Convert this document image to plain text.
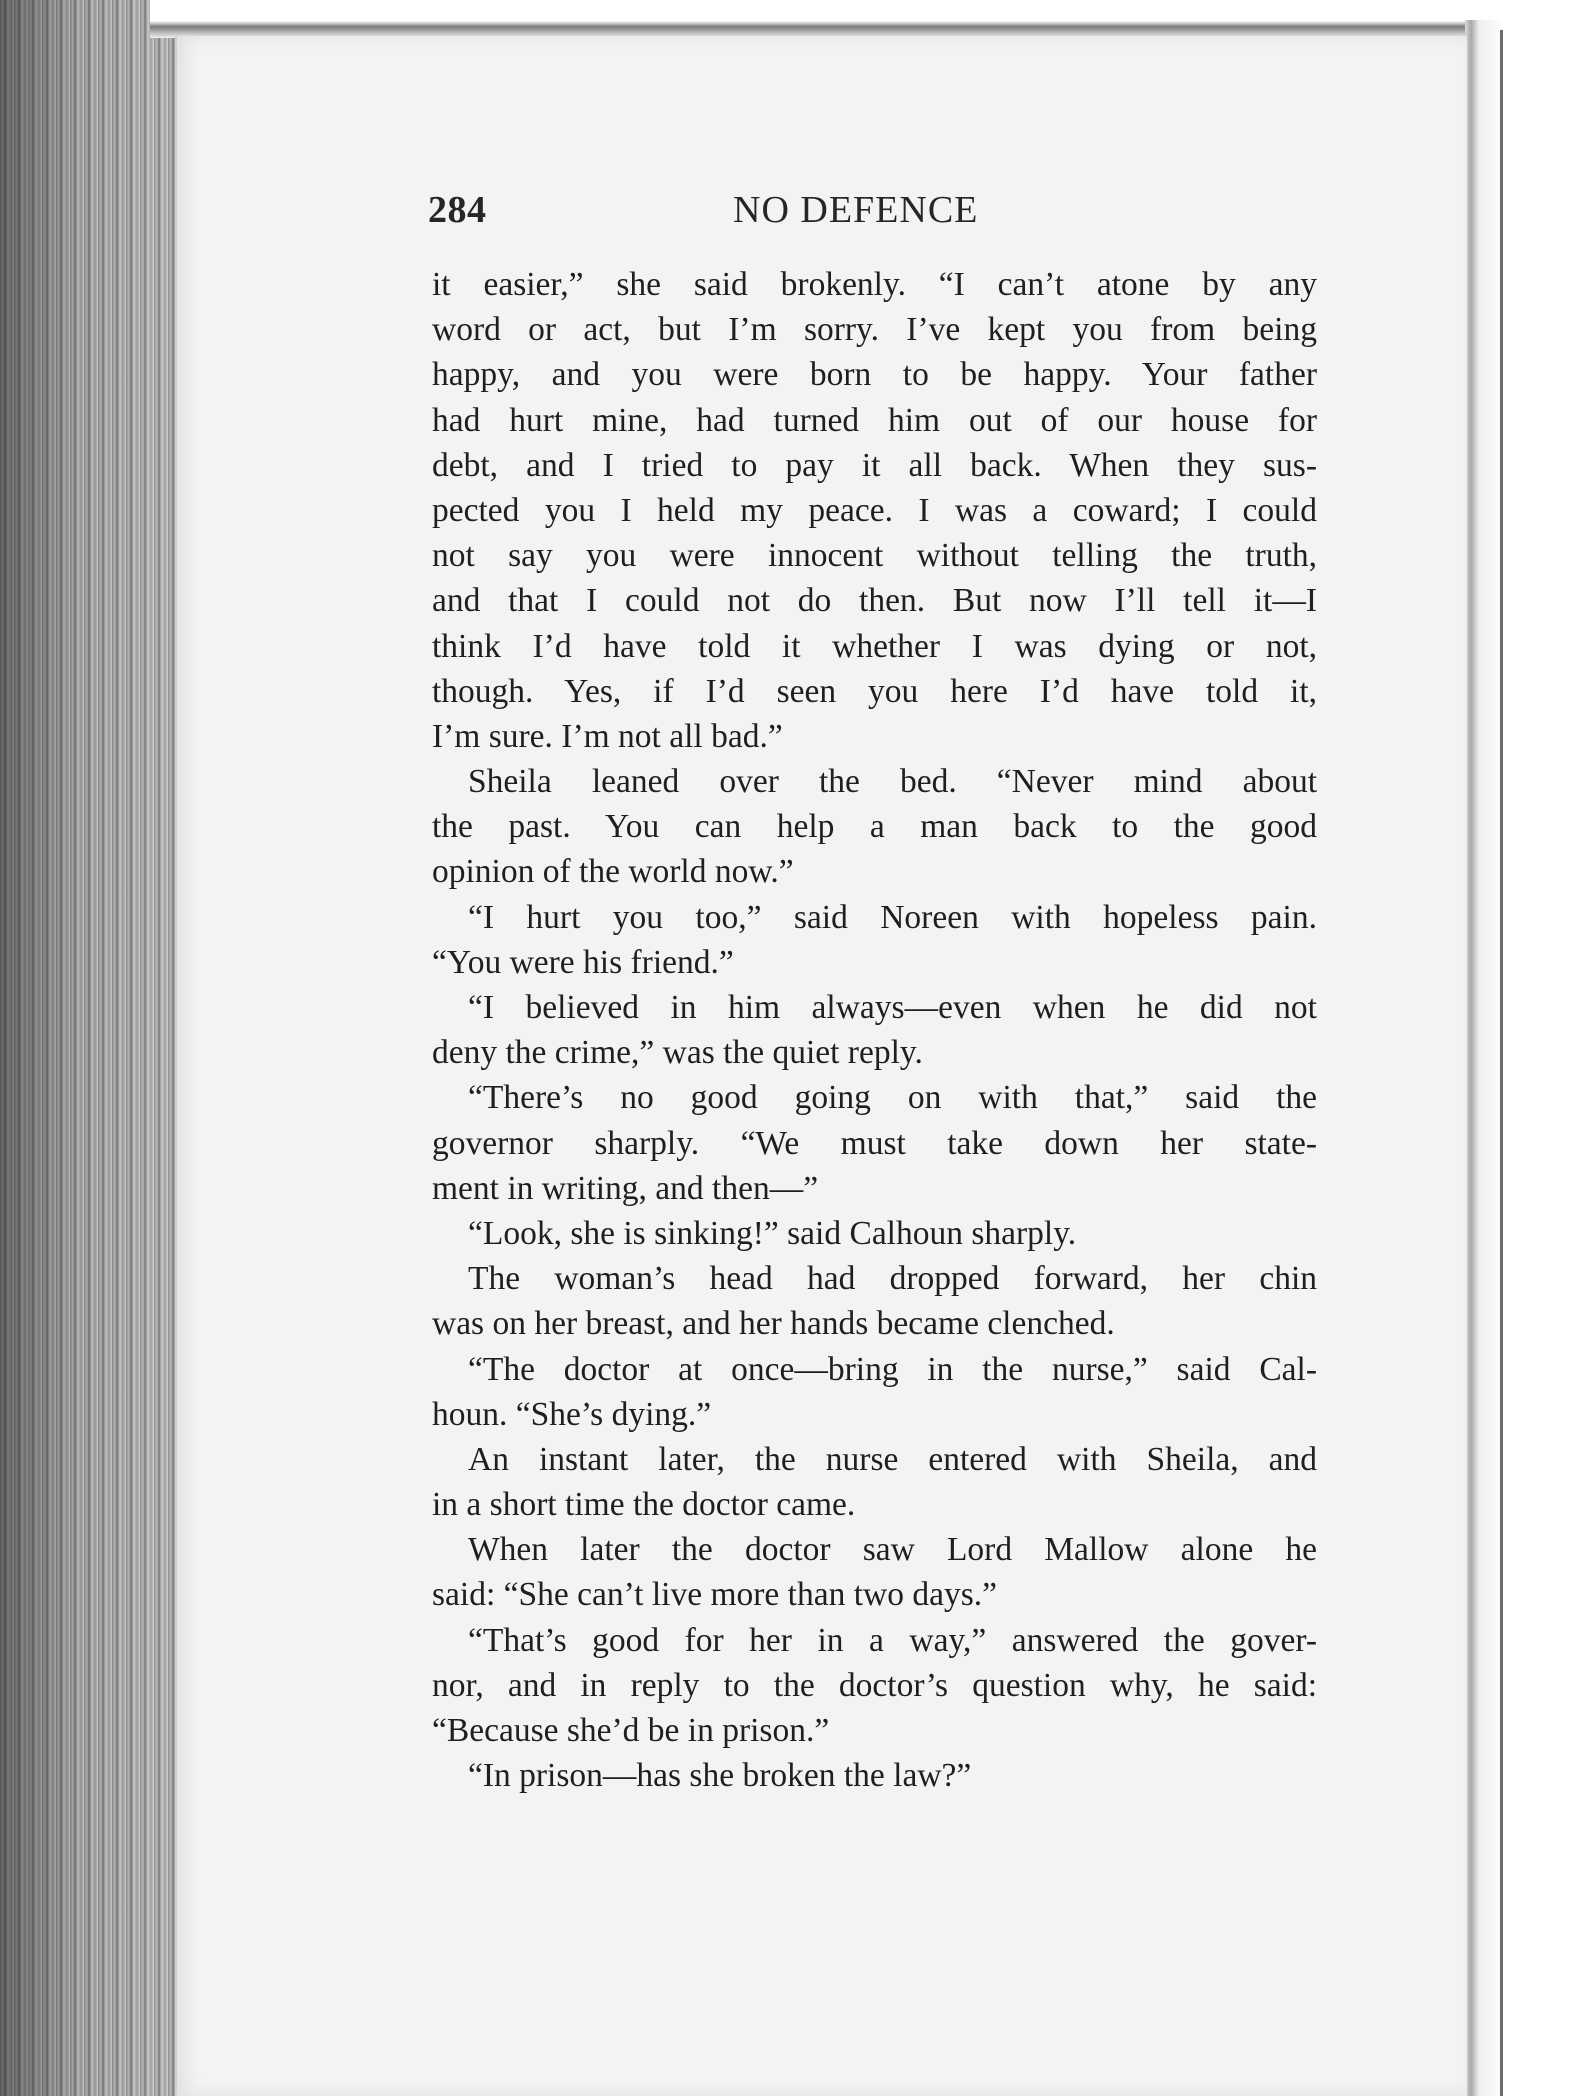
284	NO DEFENCE
it easier,” she said brokenly. “I can’t atone by any
word or act, but I’m sorry. I’ve kept you from being
happy, and you were born to be happy. Your father
had hurt mine, had turned him out of our house for
debt, and I tried to pay it all back. When they sus-
pected you I held my peace. I was a coward; I could
not say you were innocent without telling the truth,
and that I could not do then. But now I’ll tell it—I
think I’d have told it whether I was dying or not,
though. Yes, if I’d seen you here I’d have told it,
I’m sure. I’m not all bad.”
Sheila leaned over the bed. “Never mind about
the past. You can help a man back to the good
opinion of the world now.”
“I hurt you too,” said Noreen with hopeless pain.
“You were his friend.”
“I believed in him always—even when he did not
deny the crime,” was the quiet reply.
“There’s no good going on with that,” said the
governor sharply. “We must take down her state-
ment in writing, and then—”
“Look, she is sinking!” said Calhoun sharply.
The woman’s head had dropped forward, her chin
was on her breast, and her hands became clenched.
“The doctor at once—bring in the nurse,” said Cal-
houn. “She’s dying.”
An instant later, the nurse entered with Sheila, and
in a short time the doctor came.
When later the doctor saw Lord Mallow alone he
said: “She can’t live more than two days.”
“That’s good for her in a way,” answered the gover-
nor, and in reply to the doctor’s question why, he said:
“Because she’d be in prison.”
“In prison—has she broken the law?”
